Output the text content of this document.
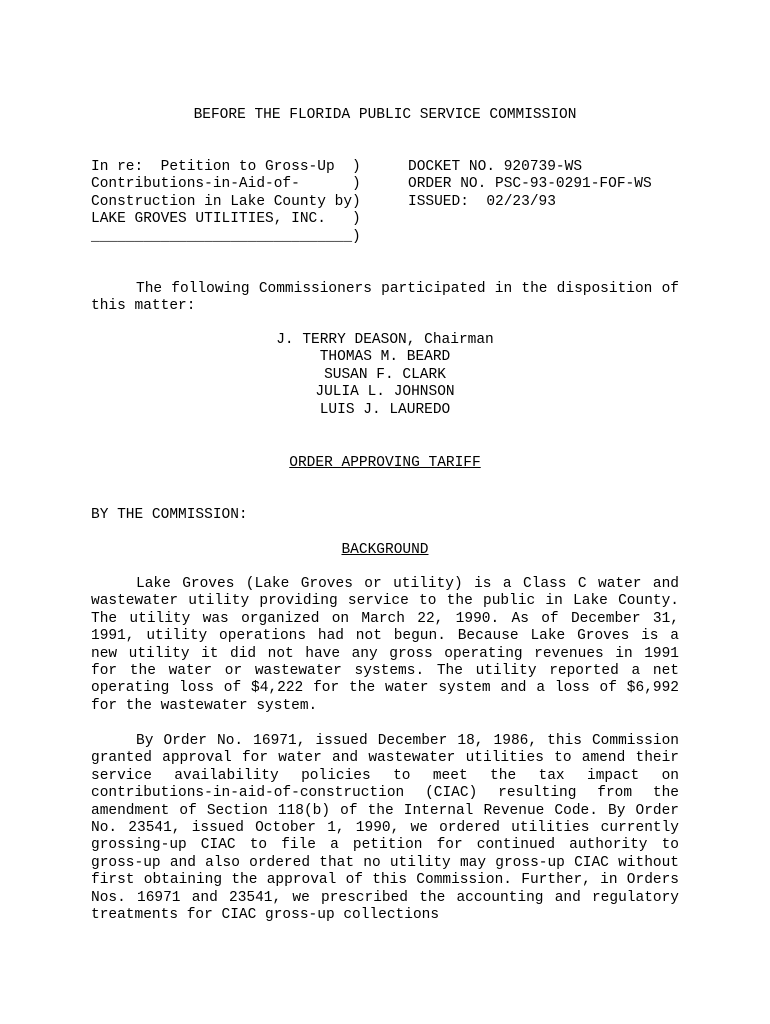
BEFORE THE FLORIDA PUBLIC SERVICE COMMISSION
In re:  Petition to Gross-Up  )
Contributions-in-Aid-of-      )
Construction in Lake County by)
LAKE GROVES UTILITIES, INC.   )
______________________________)
DOCKET NO. 920739-WS
ORDER NO. PSC-93-0291-FOF-WS
ISSUED:  02/23/93
The following Commissioners participated in the disposition of this matter:
J. TERRY DEASON, Chairman
THOMAS M. BEARD
SUSAN F. CLARK
JULIA L. JOHNSON
LUIS J. LAUREDO
ORDER APPROVING TARIFF
BY THE COMMISSION:
BACKGROUND
Lake Groves (Lake Groves or utility) is a Class C water and wastewater utility providing service to the public in Lake County. The utility was organized on March 22, 1990. As of December 31, 1991, utility operations had not begun. Because Lake Groves is a new utility it did not have any gross operating revenues in 1991 for the water or wastewater systems. The utility reported a net operating loss of $4,222 for the water system and a loss of $6,992 for the wastewater system.
By Order No. 16971, issued December 18, 1986, this Commission granted approval for water and wastewater utilities to amend their service availability policies to meet the tax impact on contributions-in-aid-of-construction (CIAC) resulting from the amendment of Section 118(b) of the Internal Revenue Code. By Order No. 23541, issued October 1, 1990, we ordered utilities currently grossing-up CIAC to file a petition for continued authority to gross-up and also ordered that no utility may gross-up CIAC without first obtaining the approval of this Commission. Further, in Orders Nos. 16971 and 23541, we prescribed the accounting and regulatory treatments for CIAC gross-up collections
